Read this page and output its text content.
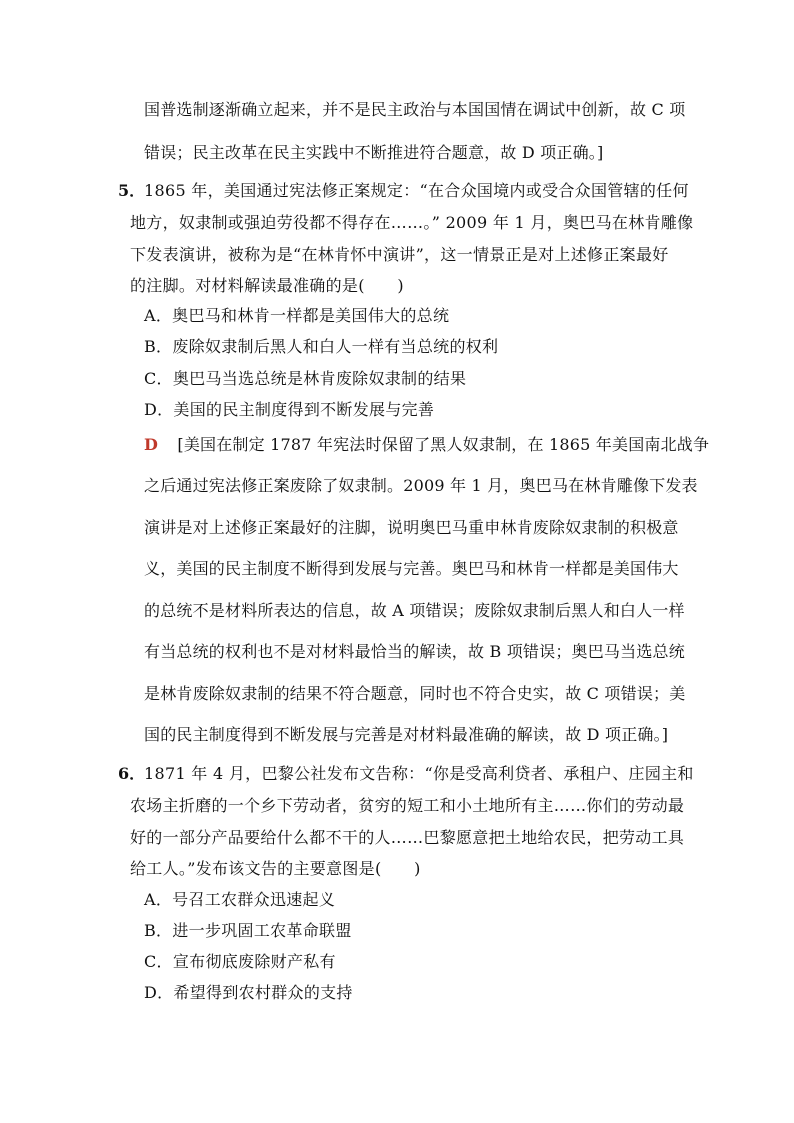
国普选制逐渐确立起来，并不是民主政治与本国国情在调试中创新，故 C 项
错误；民主改革在民主实践中不断推进符合题意，故 D 项正确。]
5．
1865 年，美国通过宪法修正案规定：“在合众国境内或受合众国管辖的任何
地方，奴隶制或强迫劳役都不得存在……。” 2009 年 1 月，奥巴马在林肯雕像
下发表演讲，被称为是“在林肯怀中演讲”，这一情景正是对上述修正案最好
的注脚。对材料解读最准确的是(　　)
A．奥巴马和林肯一样都是美国伟大的总统
B．废除奴隶制后黑人和白人一样有当总统的权利
C．奥巴马当选总统是林肯废除奴隶制的结果
D．美国的民主制度得到不断发展与完善
D [美国在制定 1787 年宪法时保留了黑人奴隶制，在 1865 年美国南北战争
之后通过宪法修正案废除了奴隶制。2009 年 1 月，奥巴马在林肯雕像下发表
演讲是对上述修正案最好的注脚，说明奥巴马重申林肯废除奴隶制的积极意
义，美国的民主制度不断得到发展与完善。奥巴马和林肯一样都是美国伟大
的总统不是材料所表达的信息，故 A 项错误；废除奴隶制后黑人和白人一样
有当总统的权利也不是对材料最恰当的解读，故 B 项错误；奥巴马当选总统
是林肯废除奴隶制的结果不符合题意，同时也不符合史实，故 C 项错误；美
国的民主制度得到不断发展与完善是对材料最准确的解读，故 D 项正确。]
6．
1871 年 4 月，巴黎公社发布文告称：“你是受高利贷者、承租户、庄园主和
农场主折磨的一个乡下劳动者，贫穷的短工和小土地所有主……你们的劳动最
好的一部分产品要给什么都不干的人……巴黎愿意把土地给农民，把劳动工具
给工人。”发布该文告的主要意图是(　　)
A．号召工农群众迅速起义
B．进一步巩固工农革命联盟
C．宣布彻底废除财产私有
D．希望得到农村群众的支持
